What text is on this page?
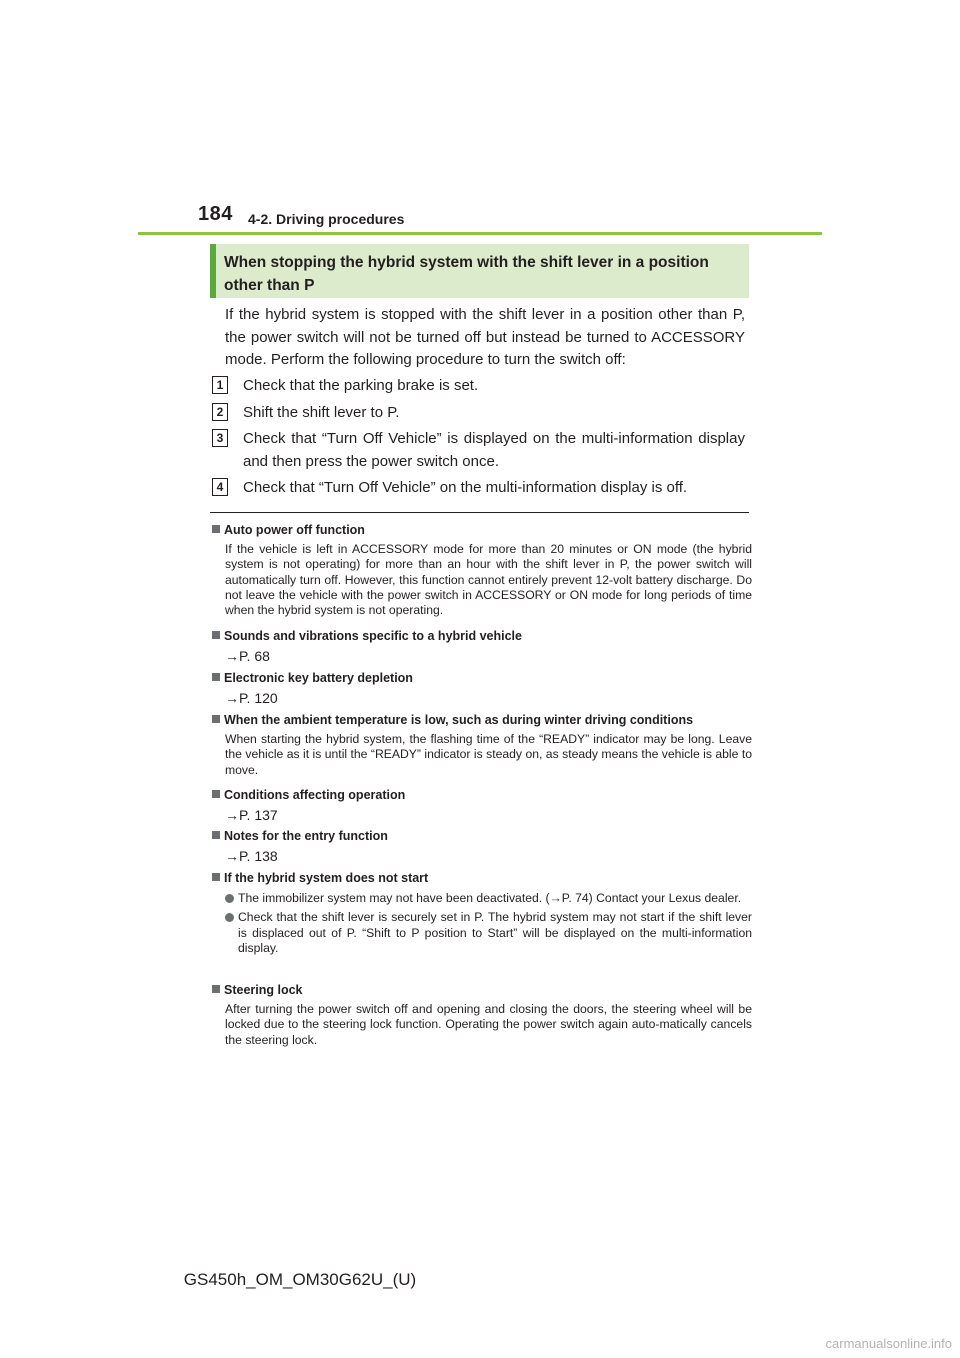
184 4-2. Driving procedures
When stopping the hybrid system with the shift lever in a position other than P
If the hybrid system is stopped with the shift lever in a position other than P, the power switch will not be turned off but instead be turned to ACCESSORY mode. Perform the following procedure to turn the switch off:
1	Check that the parking brake is set.
2	Shift the shift lever to P.
3	Check that “Turn Off Vehicle” is displayed on the multi-information display and then press the power switch once.
4	Check that “Turn Off Vehicle” on the multi-information display is off.
Auto power off function
If the vehicle is left in ACCESSORY mode for more than 20 minutes or ON mode (the hybrid system is not operating) for more than an hour with the shift lever in P, the power switch will automatically turn off. However, this function cannot entirely prevent 12-volt battery discharge. Do not leave the vehicle with the power switch in ACCESSORY or ON mode for long periods of time when the hybrid system is not operating.
Sounds and vibrations specific to a hybrid vehicle
→P. 68
Electronic key battery depletion
→P. 120
When the ambient temperature is low, such as during winter driving conditions
When starting the hybrid system, the flashing time of the “READY” indicator may be long. Leave the vehicle as it is until the “READY” indicator is steady on, as steady means the vehicle is able to move.
Conditions affecting operation
→P. 137
Notes for the entry function
→P. 138
If the hybrid system does not start
The immobilizer system may not have been deactivated. (→P. 74) Contact your Lexus dealer.
Check that the shift lever is securely set in P. The hybrid system may not start if the shift lever is displaced out of P. “Shift to P position to Start” will be displayed on the multi-information display.
Steering lock
After turning the power switch off and opening and closing the doors, the steering wheel will be locked due to the steering lock function. Operating the power switch again auto-matically cancels the steering lock.
GS450h_OM_OM30G62U_(U)
carmanualsonline.info
